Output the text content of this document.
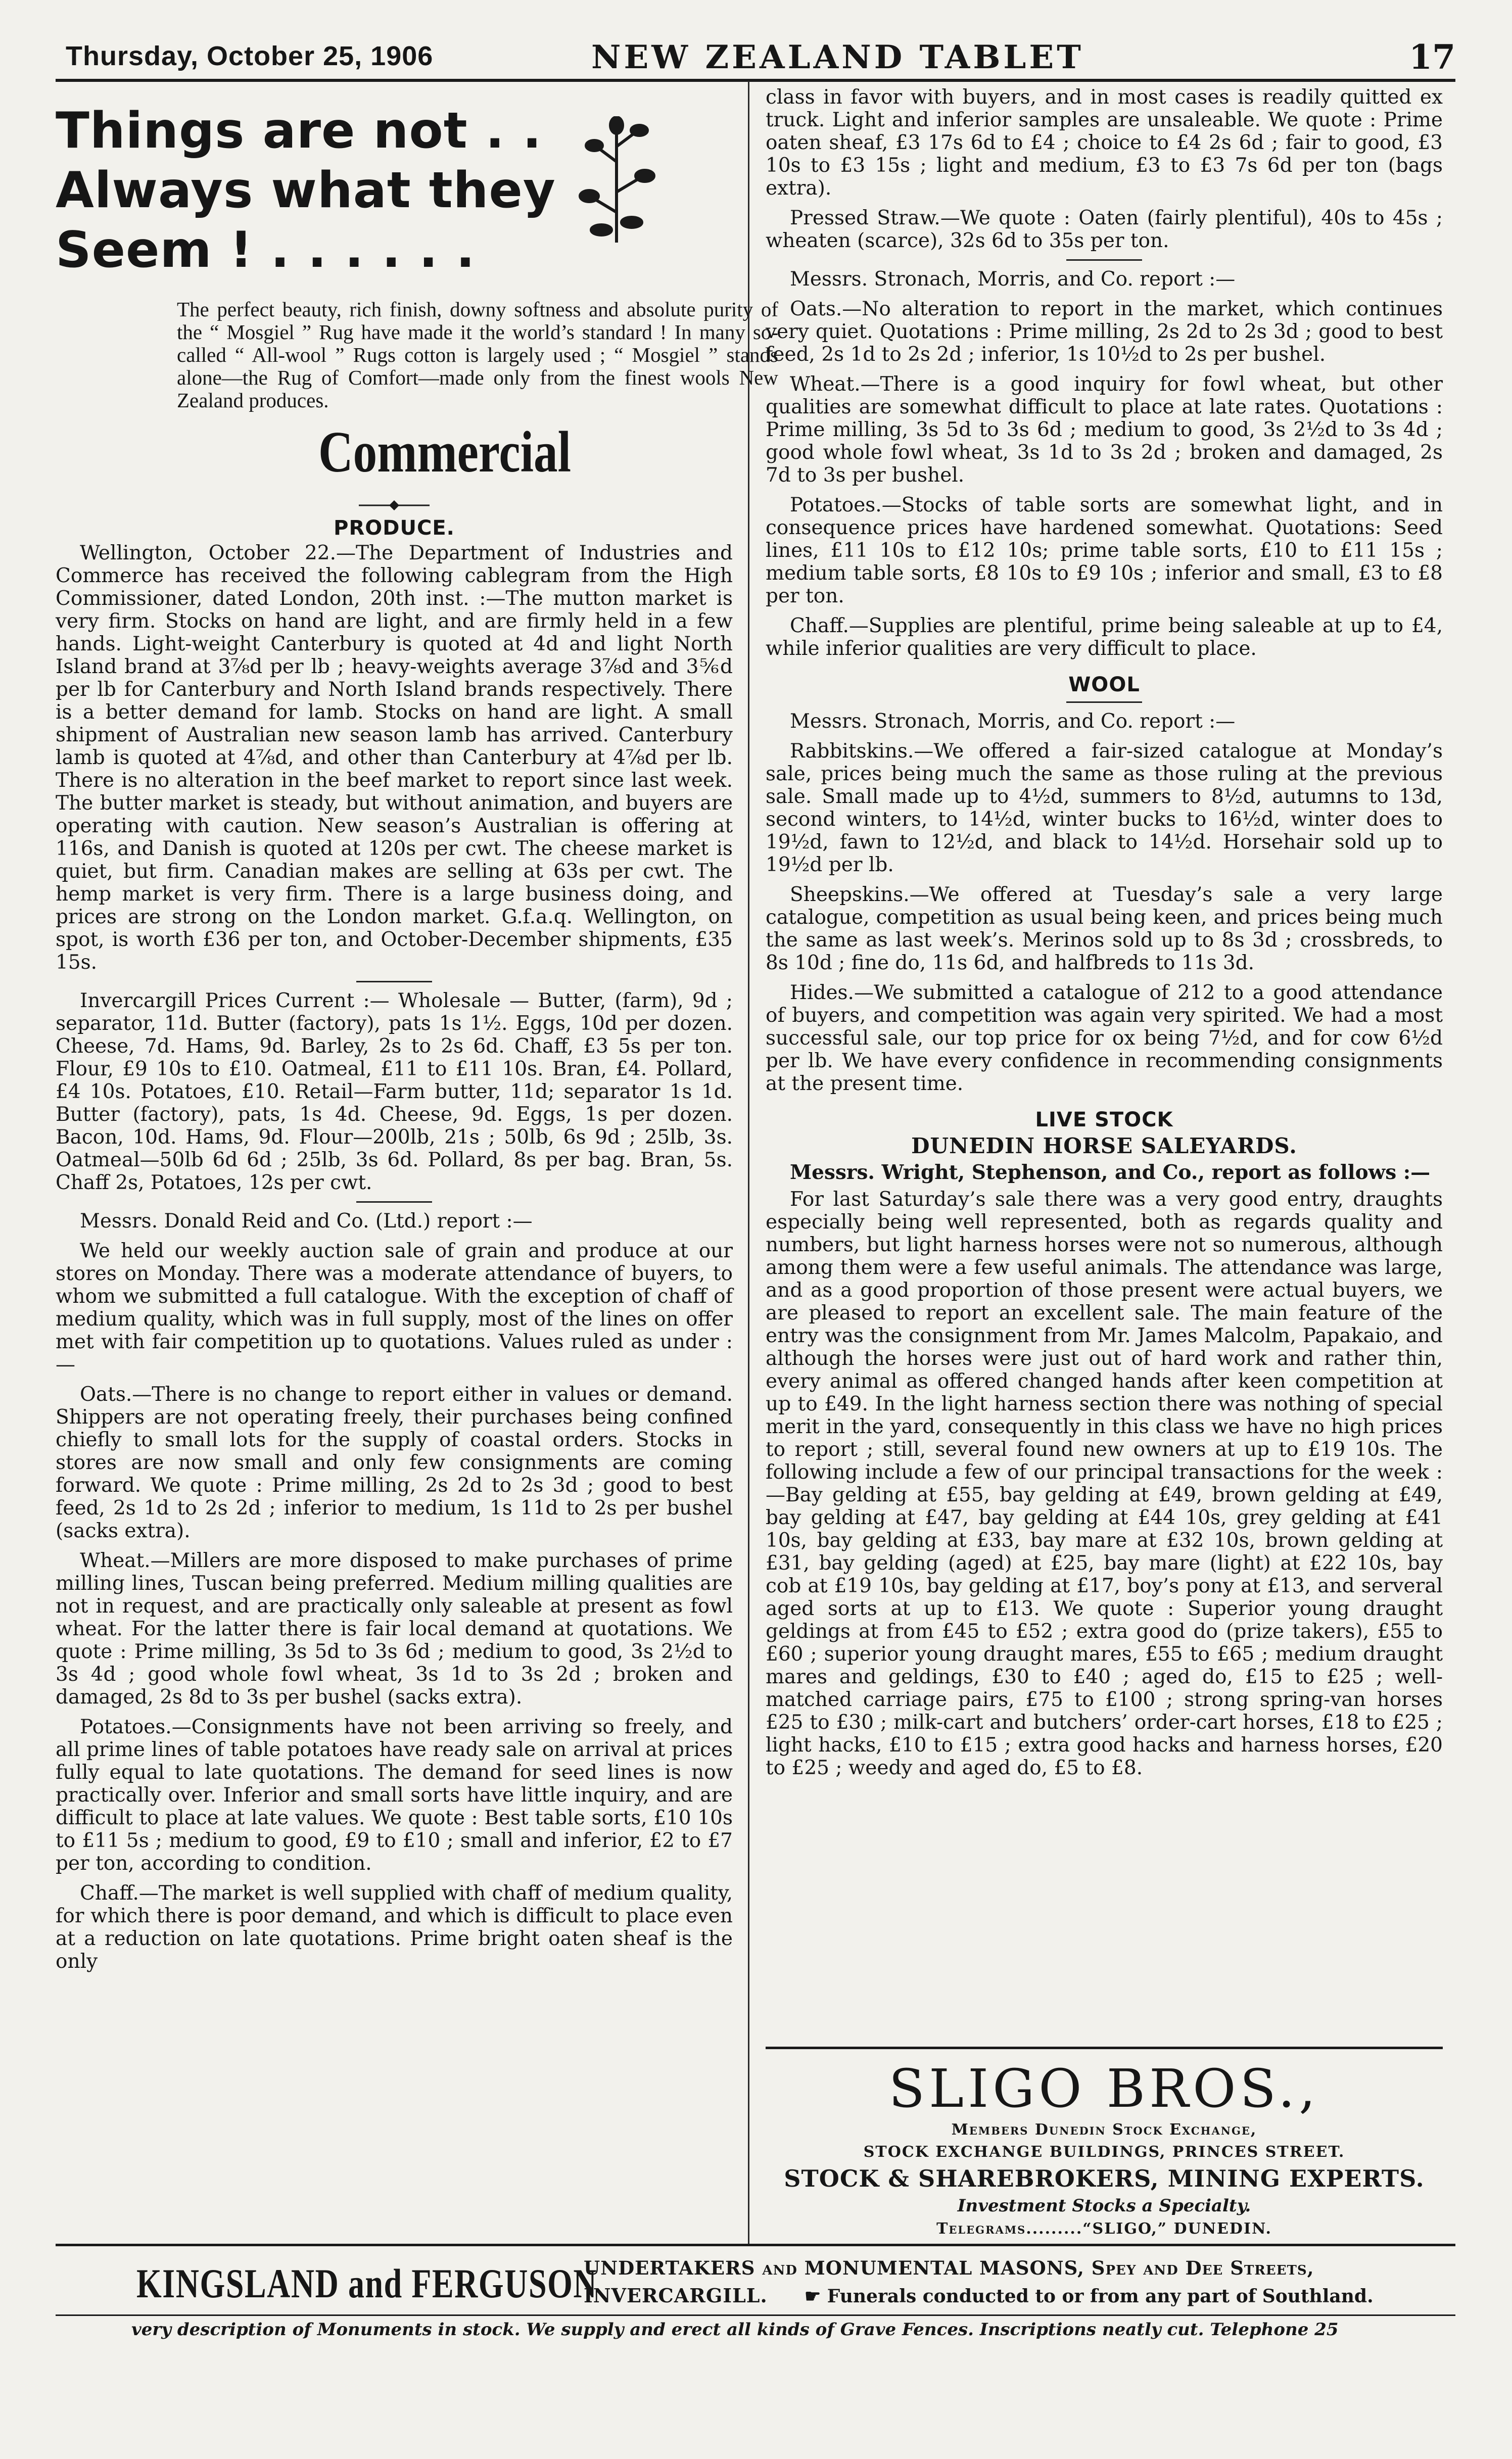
Thursday, October 25, 1906	NEW ZEALAND TABLET	17
Things are not . .
Always what they
Seem ! . . . . . .

The perfect beauty, rich finish, downy softness and absolute purity of the “ Mosgiel ” Rug have made it the world’s standard ! In many so-called “ All-wool ” Rugs cotton is largely used ; “ Mosgiel ” stands alone—the Rug of Comfort—made only from the finest wools New Zealand produces.

Commercial
PRODUCE.

Wellington, October 22.—The Department of Industries and Commerce has received the following cablegram from the High Commissioner, dated London, 20th inst. :—The mutton market is very firm. Stocks on hand are light, and are firmly held in a few hands. Light-weight Canterbury is quoted at 4d and light North Island brand at 3⅞d per lb ; heavy-weights average 3⅞d and 3⅚d per lb for Canterbury and North Island brands respectively. There is a better demand for lamb. Stocks on hand are light. A small shipment of Australian new season lamb has arrived. Canterbury lamb is quoted at 4⅞d, and other than Canterbury at 4⅞d per lb. There is no alteration in the beef market to report since last week. The butter market is steady, but without animation, and buyers are operating with caution. New season’s Australian is offering at 116s, and Danish is quoted at 120s per cwt. The cheese market is quiet, but firm. Canadian makes are selling at 63s per cwt. The hemp market is very firm. There is a large business doing, and prices are strong on the London market. G.f.a.q. Wellington, on spot, is worth £36 per ton, and October-December shipments, £35 15s.

Invercargill Prices Current :— Wholesale — Butter, (farm), 9d ; separator, 11d. Butter (factory), pats 1s 1½. Eggs, 10d per dozen. Cheese, 7d. Hams, 9d. Barley, 2s to 2s 6d. Chaff, £3 5s per ton. Flour, £9 10s to £10. Oatmeal, £11 to £11 10s. Bran, £4. Pollard, £4 10s. Potatoes, £10. Retail—Farm butter, 11d; separator 1s 1d. Butter (factory), pats, 1s 4d. Cheese, 9d. Eggs, 1s per dozen. Bacon, 10d. Hams, 9d. Flour—200lb, 21s ; 50lb, 6s 9d ; 25lb, 3s. Oatmeal—50lb 6d 6d ; 25lb, 3s 6d. Pollard, 8s per bag. Bran, 5s. Chaff 2s, Potatoes, 12s per cwt.

Messrs. Donald Reid and Co. (Ltd.) report :—

We held our weekly auction sale of grain and produce at our stores on Monday. There was a moderate attendance of buyers, to whom we submitted a full catalogue. With the exception of chaff of medium quality, which was in full supply, most of the lines on offer met with fair competition up to quotations. Values ruled as under :—

Oats.—There is no change to report either in values or demand. Shippers are not operating freely, their purchases being confined chiefly to small lots for the supply of coastal orders. Stocks in stores are now small and only few consignments are coming forward. We quote : Prime milling, 2s 2d to 2s 3d ; good to best feed, 2s 1d to 2s 2d ; inferior to medium, 1s 11d to 2s per bushel (sacks extra).

Wheat.—Millers are more disposed to make purchases of prime milling lines, Tuscan being preferred. Medium milling qualities are not in request, and are practically only saleable at present as fowl wheat. For the latter there is fair local demand at quotations. We quote : Prime milling, 3s 5d to 3s 6d ; medium to good, 3s 2½d to 3s 4d ; good whole fowl wheat, 3s 1d to 3s 2d ; broken and damaged, 2s 8d to 3s per bushel (sacks extra).

Potatoes.—Consignments have not been arriving so freely, and all prime lines of table potatoes have ready sale on arrival at prices fully equal to late quotations. The demand for seed lines is now practically over. Inferior and small sorts have little inquiry, and are difficult to place at late values. We quote : Best table sorts, £10 10s to £11 5s ; medium to good, £9 to £10 ; small and inferior, £2 to £7 per ton, according to condition.

Chaff.—The market is well supplied with chaff of medium quality, for which there is poor demand, and which is difficult to place even at a reduction on late quotations. Prime bright oaten sheaf is the only

class in favor with buyers, and in most cases is readily quitted ex truck. Light and inferior samples are unsaleable. We quote : Prime oaten sheaf, £3 17s 6d to £4 ; choice to £4 2s 6d ; fair to good, £3 10s to £3 15s ; light and medium, £3 to £3 7s 6d per ton (bags extra).

Pressed Straw.—We quote : Oaten (fairly plentiful), 40s to 45s ; wheaten (scarce), 32s 6d to 35s per ton.

Messrs. Stronach, Morris, and Co. report :—

Oats.—No alteration to report in the market, which continues very quiet. Quotations : Prime milling, 2s 2d to 2s 3d ; good to best feed, 2s 1d to 2s 2d ; inferior, 1s 10½d to 2s per bushel.

Wheat.—There is a good inquiry for fowl wheat, but other qualities are somewhat difficult to place at late rates. Quotations : Prime milling, 3s 5d to 3s 6d ; medium to good, 3s 2½d to 3s 4d ; good whole fowl wheat, 3s 1d to 3s 2d ; broken and damaged, 2s 7d to 3s per bushel.

Potatoes.—Stocks of table sorts are somewhat light, and in consequence prices have hardened somewhat. Quotations: Seed lines, £11 10s to £12 10s; prime table sorts, £10 to £11 15s ; medium table sorts, £8 10s to £9 10s ; inferior and small, £3 to £8 per ton.

Chaff.—Supplies are plentiful, prime being saleable at up to £4, while inferior qualities are very difficult to place.

WOOL

Messrs. Stronach, Morris, and Co. report :—

Rabbitskins.—We offered a fair-sized catalogue at Monday’s sale, prices being much the same as those ruling at the previous sale. Small made up to 4½d, summers to 8½d, autumns to 13d, second winters, to 14½d, winter bucks to 16½d, winter does to 19½d, fawn to 12½d, and black to 14½d. Horsehair sold up to 19½d per lb.

Sheepskins.—We offered at Tuesday’s sale a very large catalogue, competition as usual being keen, and prices being much the same as last week’s. Merinos sold up to 8s 3d ; crossbreds, to 8s 10d ; fine do, 11s 6d, and halfbreds to 11s 3d.

Hides.—We submitted a catalogue of 212 to a good attendance of buyers, and competition was again very spirited. We had a most successful sale, our top price for ox being 7½d, and for cow 6½d per lb. We have every confidence in recommending consignments at the present time.

LIVE STOCK
DUNEDIN HORSE SALEYARDS.

Messrs. Wright, Stephenson, and Co., report as follows :—

For last Saturday’s sale there was a very good entry, draughts especially being well represented, both as regards quality and numbers, but light harness horses were not so numerous, although among them were a few useful animals. The attendance was large, and as a good proportion of those present were actual buyers, we are pleased to report an excellent sale. The main feature of the entry was the consignment from Mr. James Malcolm, Papakaio, and although the horses were just out of hard work and rather thin, every animal as offered changed hands after keen competition at up to £49. In the light harness section there was nothing of special merit in the yard, consequently in this class we have no high prices to report ; still, several found new owners at up to £19 10s. The following include a few of our principal transactions for the week :—Bay gelding at £55, bay gelding at £49, brown gelding at £49, bay gelding at £47, bay gelding at £44 10s, grey gelding at £41 10s, bay gelding at £33, bay mare at £32 10s, brown gelding at £31, bay gelding (aged) at £25, bay mare (light) at £22 10s, bay cob at £19 10s, bay gelding at £17, boy’s pony at £13, and serveral aged sorts at up to £13. We quote : Superior young draught geldings at from £45 to £52 ; extra good do (prize takers), £55 to £60 ; superior young draught mares, £55 to £65 ; medium draught mares and geldings, £30 to £40 ; aged do, £15 to £25 ; well-matched carriage pairs, £75 to £100 ; strong spring-van horses £25 to £30 ; milk-cart and butchers’ order-cart horses, £18 to £25 ; light hacks, £10 to £15 ; extra good hacks and harness horses, £20 to £25 ; weedy and aged do, £5 to £8.

SLIGO BROS.,
Members Dunedin Stock Exchange,
STOCK EXCHANGE BUILDINGS, PRINCES STREET.
STOCK & SHAREBROKERS, MINING EXPERTS.
Investment Stocks a Specialty.
Telegrams.........“SLIGO,” DUNEDIN.
KINGSLAND and FERGUSON
UNDERTAKERS and MONUMENTAL MASONS, Spey and Dee Streets,
INVERCARGILL. ☛ Funerals conducted to or from any part of Southland.
very description of Monuments in stock. We supply and erect all kinds of Grave Fences. Inscriptions neatly cut. Telephone 25
